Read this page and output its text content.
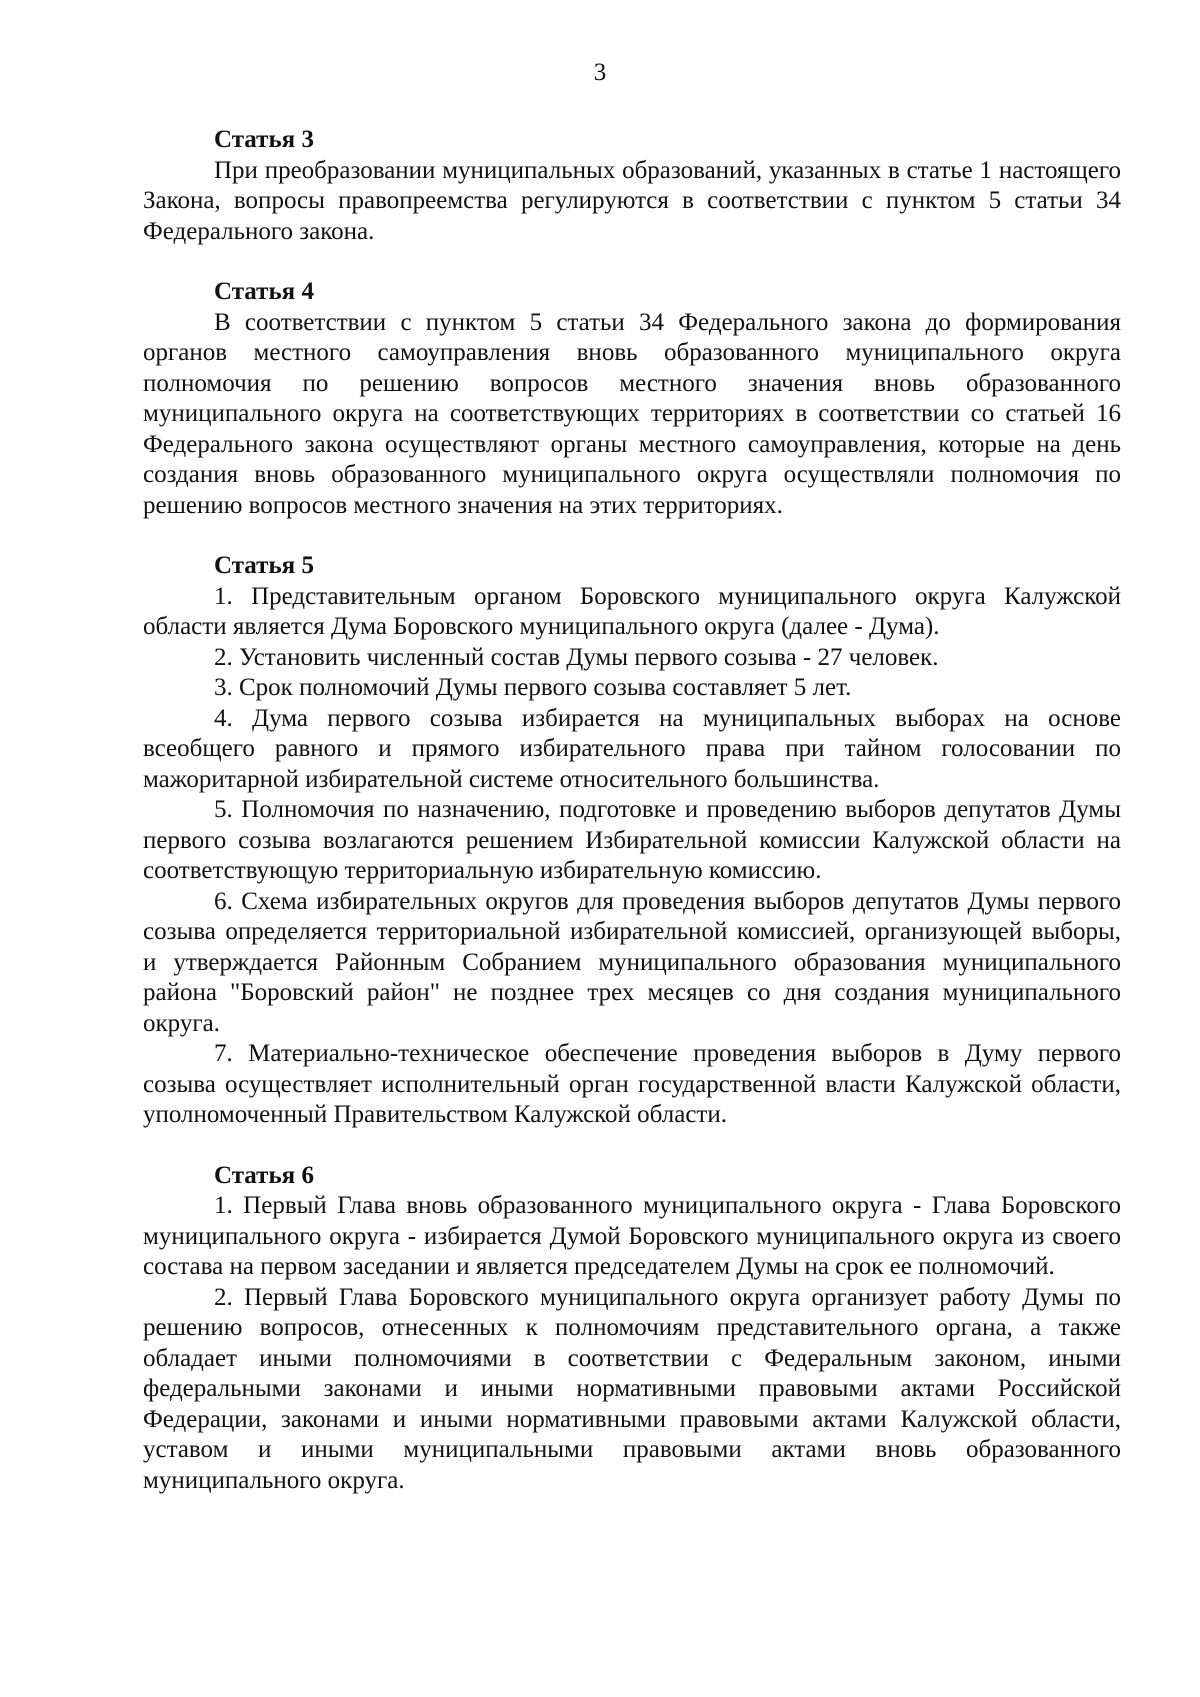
3

Статья 3

При преобразовании муниципальных образований, указанных в статье 1 настоящего Закона, вопросы правопреемства регулируются в соответствии с пунктом 5 статьи 34 Федерального закона.

Статья 4

В соответствии с пунктом 5 статьи 34 Федерального закона до формирования органов местного самоуправления вновь образованного муниципального округа полномочия по решению вопросов местного значения вновь образованного муниципального округа на соответствующих территориях в соответствии со статьей 16 Федерального закона осуществляют органы местного самоуправления, которые на день создания вновь образованного муниципального округа осуществляли полномочия по решению вопросов местного значения на этих территориях.

Статья 5

1. Представительным органом Боровского муниципального округа Калужской области является Дума Боровского муниципального округа (далее - Дума).

2. Установить численный состав Думы первого созыва - 27 человек.

3. Срок полномочий Думы первого созыва составляет 5 лет.

4. Дума первого созыва избирается на муниципальных выборах на основе всеобщего равного и прямого избирательного права при тайном голосовании по мажоритарной избирательной системе относительного большинства.

5. Полномочия по назначению, подготовке и проведению выборов депутатов Думы первого созыва возлагаются решением Избирательной комиссии Калужской области на соответствующую территориальную избирательную комиссию.

6. Схема избирательных округов для проведения выборов депутатов Думы первого созыва определяется территориальной избирательной комиссией, организующей выборы, и утверждается Районным Собранием муниципального образования муниципального района "Боровский район" не позднее трех месяцев со дня создания муниципального округа.

7. Материально-техническое обеспечение проведения выборов в Думу первого созыва осуществляет исполнительный орган государственной власти Калужской области, уполномоченный Правительством Калужской области.

Статья 6

1. Первый Глава вновь образованного муниципального округа - Глава Боровского муниципального округа - избирается Думой Боровского муниципального округа из своего состава на первом заседании и является председателем Думы на срок ее полномочий.

2. Первый Глава Боровского муниципального округа организует работу Думы по решению вопросов, отнесенных к полномочиям представительного органа, а также обладает иными полномочиями в соответствии с Федеральным законом, иными федеральными законами и иными нормативными правовыми актами Российской Федерации, законами и иными нормативными правовыми актами Калужской области, уставом и иными муниципальными правовыми актами вновь образованного муниципального округа.
